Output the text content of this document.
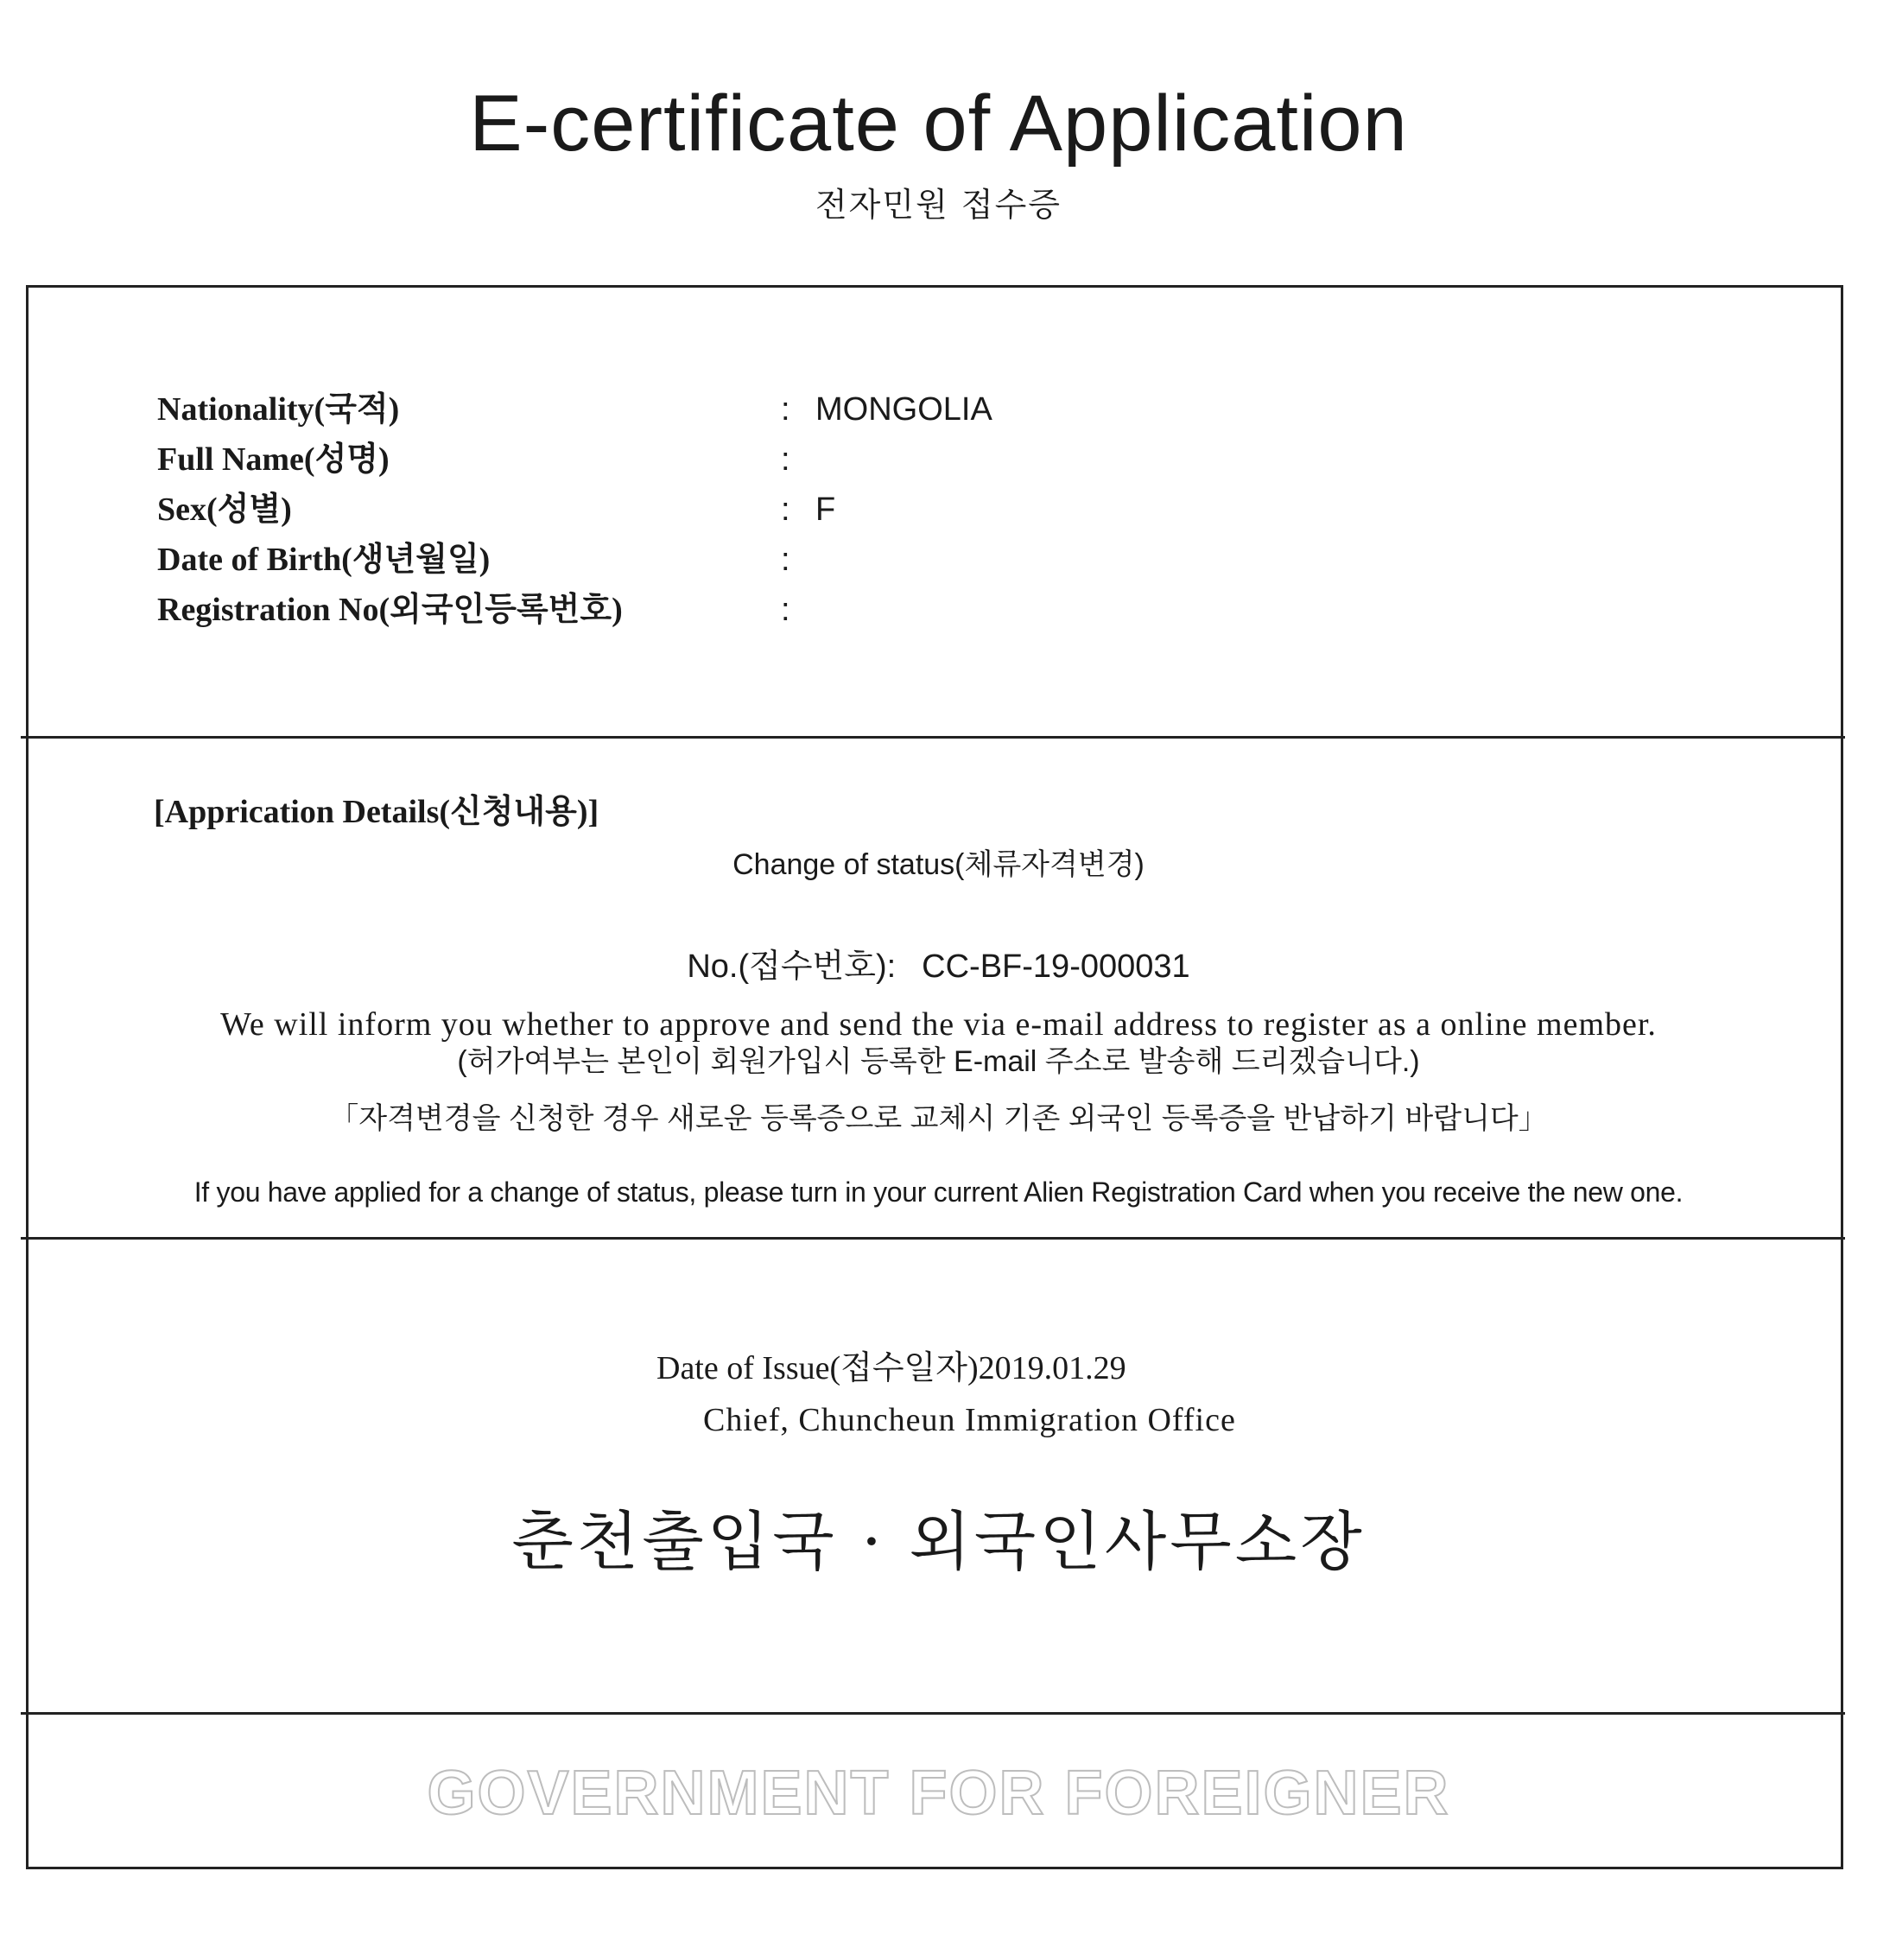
E-certificate of Application
전자민원 접수증
Nationality(국적)	: MONGOLIA
Full Name(성명)	:
Sex(성별)	: F
Date of Birth(생년월일)	:
Registration No(외국인등록번호)	:
[Apprication Details(신청내용)]
Change of status(체류자격변경)
No.(접수번호): CC-BF-19-000031
We will inform you whether to approve and send the via e-mail address to register as a online member.
(허가여부는 본인이 회원가입시 등록한 E-mail 주소로 발송해 드리겠습니다.)
「자격변경을 신청한 경우 새로운 등록증으로 교체시 기존 외국인 등록증을 반납하기 바랍니다」
If you have applied for a change of status, please turn in your current Alien Registration Card when you receive the new one.
Date of Issue(접수일자)2019.01.29
Chief, Chuncheun Immigration Office
춘천출입국 · 외국인사무소장
GOVERNMENT FOR FOREIGNER
